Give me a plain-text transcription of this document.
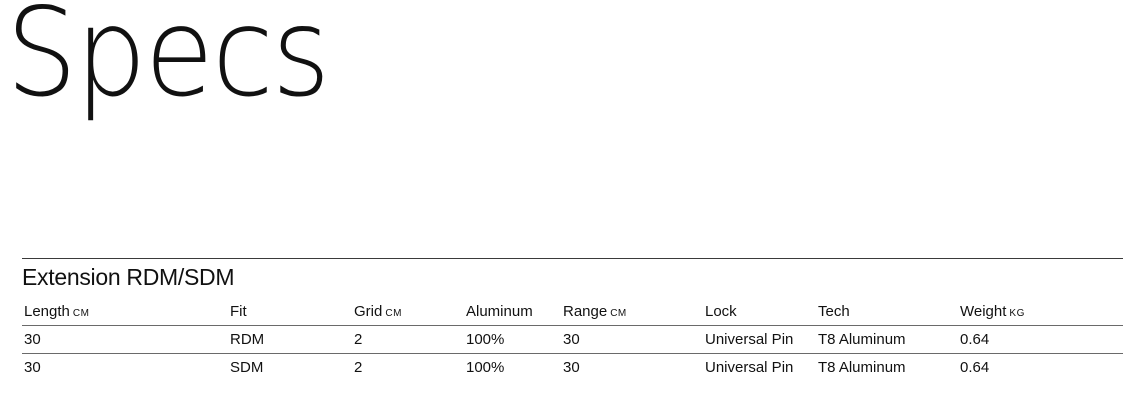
Specs
Extension RDM/SDM
Length CM	Fit	Grid CM	Aluminum	Range CM	Lock	Tech	Weight KG
30	RDM	2	100%	30	Universal Pin	T8 Aluminum	0.64
30	SDM	2	100%	30	Universal Pin	T8 Aluminum	0.64
